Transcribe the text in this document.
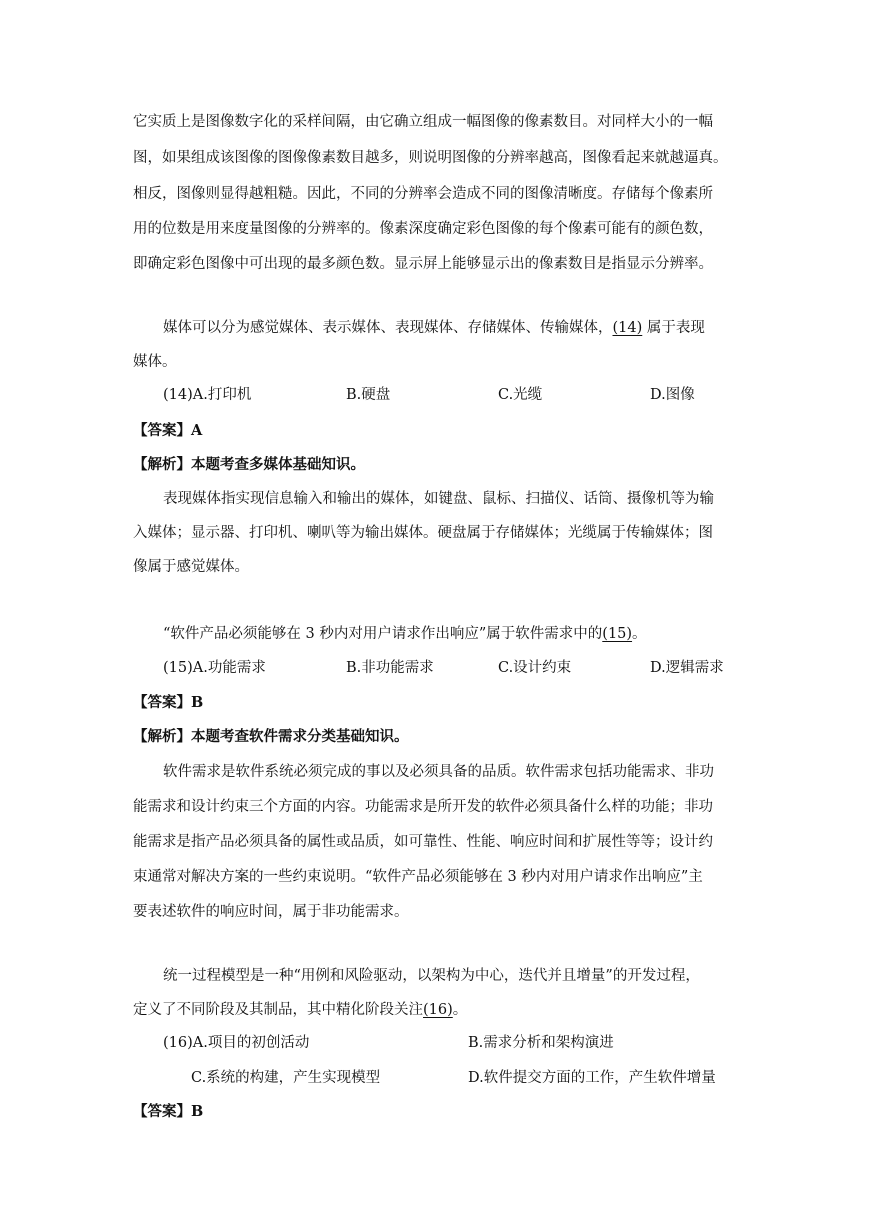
它实质上是图像数字化的采样间隔，由它确立组成一幅图像的像素数目。对同样大小的一幅
图，如果组成该图像的图像像素数目越多，则说明图像的分辨率越高，图像看起来就越逼真。
相反，图像则显得越粗糙。因此，不同的分辨率会造成不同的图像清晰度。存储每个像素所
用的位数是用来度量图像的分辨率的。像素深度确定彩色图像的每个像素可能有的颜色数，
即确定彩色图像中可出现的最多颜色数。显示屏上能够显示出的像素数目是指显示分辨率。
媒体可以分为感觉媒体、表示媒体、表现媒体、存储媒体、传输媒体，(14) 属于表现
媒体。
(14)A.打印机	B.硬盘	C.光缆	D.图像
【答案】A
【解析】本题考查多媒体基础知识。
表现媒体指实现信息输入和输出的媒体，如键盘、鼠标、扫描仪、话筒、摄像机等为输
入媒体；显示器、打印机、喇叭等为输出媒体。硬盘属于存储媒体；光缆属于传输媒体；图
像属于感觉媒体。
“软件产品必须能够在 3 秒内对用户请求作出响应”属于软件需求中的(15)。
(15)A.功能需求	B.非功能需求	C.设计约束	D.逻辑需求
【答案】B
【解析】本题考查软件需求分类基础知识。
软件需求是软件系统必须完成的事以及必须具备的品质。软件需求包括功能需求、非功
能需求和设计约束三个方面的内容。功能需求是所开发的软件必须具备什么样的功能；非功
能需求是指产品必须具备的属性或品质，如可靠性、性能、响应时间和扩展性等等；设计约
束通常对解决方案的一些约束说明。“软件产品必须能够在 3 秒内对用户请求作出响应”主
要表述软件的响应时间，属于非功能需求。
统一过程模型是一种“用例和风险驱动，以架构为中心，迭代并且增量”的开发过程，
定义了不同阶段及其制品，其中精化阶段关注(16)。
(16)A.项目的初创活动	B.需求分析和架构演进
C.系统的构建，产生实现模型	D.软件提交方面的工作，产生软件增量
【答案】B
